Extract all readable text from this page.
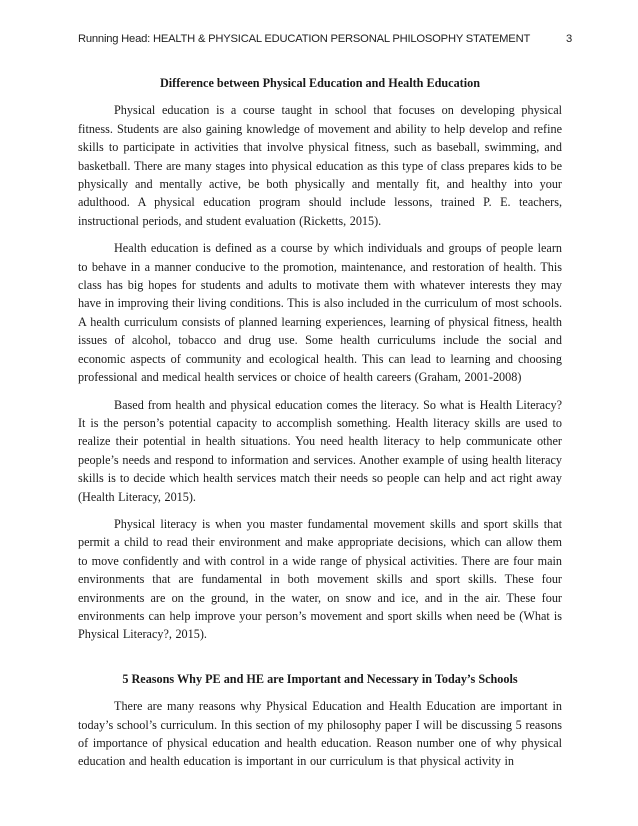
Running Head: HEALTH & PHYSICAL EDUCATION PERSONAL PHILOSOPHY STATEMENT	3

Difference between Physical Education and Health Education

Physical education is a course taught in school that focuses on developing physical fitness. Students are also gaining knowledge of movement and ability to help develop and refine skills to participate in activities that involve physical fitness, such as baseball, swimming, and basketball. There are many stages into physical education as this type of class prepares kids to be physically and mentally active, be both physically and mentally fit, and healthy into your adulthood. A physical education program should include lessons, trained P. E. teachers, instructional periods, and student evaluation (Ricketts, 2015).

Health education is defined as a course by which individuals and groups of people learn to behave in a manner conducive to the promotion, maintenance, and restoration of health. This class has big hopes for students and adults to motivate them with whatever interests they may have in improving their living conditions. This is also included in the curriculum of most schools. A health curriculum consists of planned learning experiences, learning of physical fitness, health issues of alcohol, tobacco and drug use. Some health curriculums include the social and economic aspects of community and ecological health. This can lead to learning and choosing professional and medical health services or choice of health careers (Graham, 2001-2008)

Based from health and physical education comes the literacy. So what is Health Literacy? It is the person’s potential capacity to accomplish something. Health literacy skills are used to realize their potential in health situations. You need health literacy to help communicate other people’s needs and respond to information and services. Another example of using health literacy skills is to decide which health services match their needs so people can help and act right away (Health Literacy, 2015).

Physical literacy is when you master fundamental movement skills and sport skills that permit a child to read their environment and make appropriate decisions, which can allow them to move confidently and with control in a wide range of physical activities. There are four main environments that are fundamental in both movement skills and sport skills. These four environments are on the ground, in the water, on snow and ice, and in the air. These four environments can help improve your person’s movement and sport skills when need be (What is Physical Literacy?, 2015).

5 Reasons Why PE and HE are Important and Necessary in Today’s Schools

There are many reasons why Physical Education and Health Education are important in today’s school’s curriculum. In this section of my philosophy paper I will be discussing 5 reasons of importance of physical education and health education. Reason number one of why physical education and health education is important in our curriculum is that physical activity in
